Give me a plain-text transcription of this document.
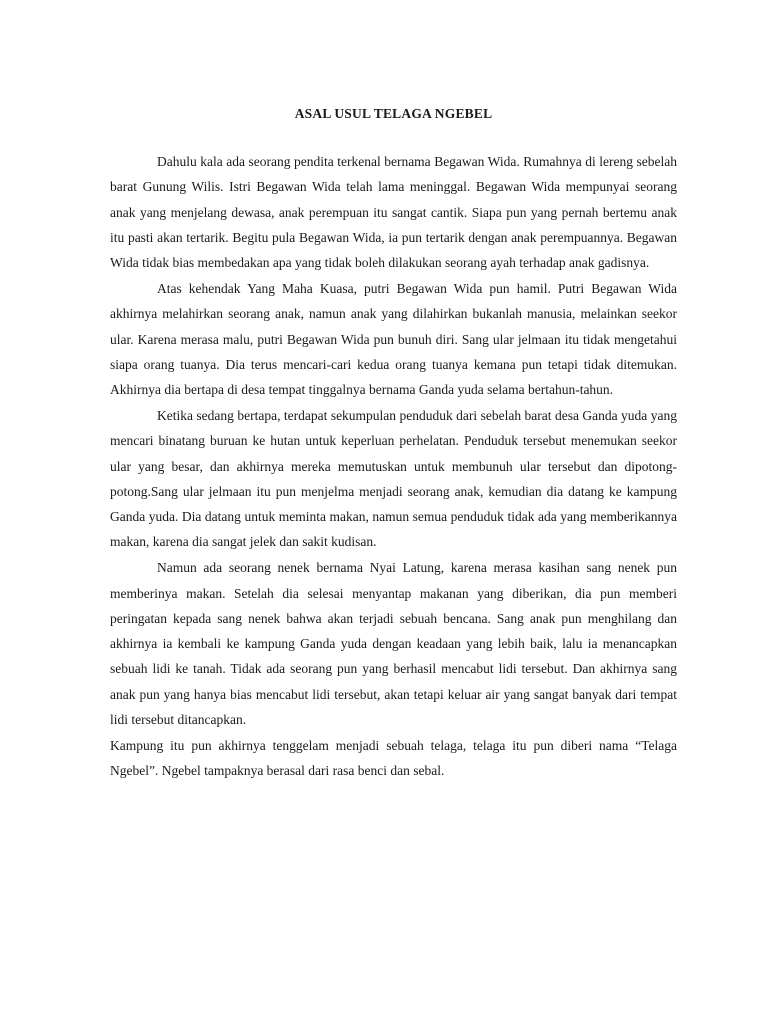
ASAL USUL TELAGA NGEBEL

Dahulu kala ada seorang pendita terkenal bernama Begawan Wida. Rumahnya di lereng sebelah barat Gunung Wilis. Istri Begawan Wida telah lama meninggal. Begawan Wida mempunyai seorang anak yang menjelang dewasa, anak perempuan itu sangat cantik. Siapa pun yang pernah bertemu anak itu pasti akan tertarik. Begitu pula Begawan Wida, ia pun tertarik dengan anak perempuannya. Begawan Wida tidak bias membedakan apa yang tidak boleh dilakukan seorang ayah terhadap anak gadisnya.

Atas kehendak Yang Maha Kuasa, putri Begawan Wida pun hamil. Putri Begawan Wida akhirnya melahirkan seorang anak, namun anak yang dilahirkan bukanlah manusia, melainkan seekor ular. Karena merasa malu, putri Begawan Wida pun bunuh diri. Sang ular jelmaan itu tidak mengetahui siapa orang tuanya. Dia terus mencari-cari kedua orang tuanya kemana pun tetapi tidak ditemukan. Akhirnya dia bertapa di desa tempat tinggalnya bernama Ganda yuda selama bertahun-tahun.

Ketika sedang bertapa, terdapat sekumpulan penduduk dari sebelah barat desa Ganda yuda yang mencari binatang buruan ke hutan untuk keperluan perhelatan. Penduduk tersebut menemukan seekor ular yang besar, dan akhirnya mereka memutuskan untuk membunuh ular tersebut dan dipotong-potong.Sang ular jelmaan itu pun menjelma menjadi seorang anak, kemudian dia datang ke kampung Ganda yuda. Dia datang untuk meminta makan, namun semua penduduk tidak ada yang memberikannya makan, karena dia sangat jelek dan sakit kudisan.

Namun ada seorang nenek bernama Nyai Latung, karena merasa kasihan sang nenek pun memberinya makan. Setelah dia selesai menyantap makanan yang diberikan, dia pun memberi peringatan kepada sang nenek bahwa akan terjadi sebuah bencana. Sang anak pun menghilang dan akhirnya ia kembali ke kampung Ganda yuda dengan keadaan yang lebih baik, lalu ia menancapkan sebuah lidi ke tanah. Tidak ada seorang pun yang berhasil mencabut lidi tersebut. Dan akhirnya sang anak pun yang hanya bias mencabut lidi tersebut, akan tetapi keluar air yang sangat banyak dari tempat lidi tersebut ditancapkan.

Kampung itu pun akhirnya tenggelam menjadi sebuah telaga, telaga itu pun diberi nama “Telaga Ngebel”. Ngebel tampaknya berasal dari rasa benci dan sebal.
